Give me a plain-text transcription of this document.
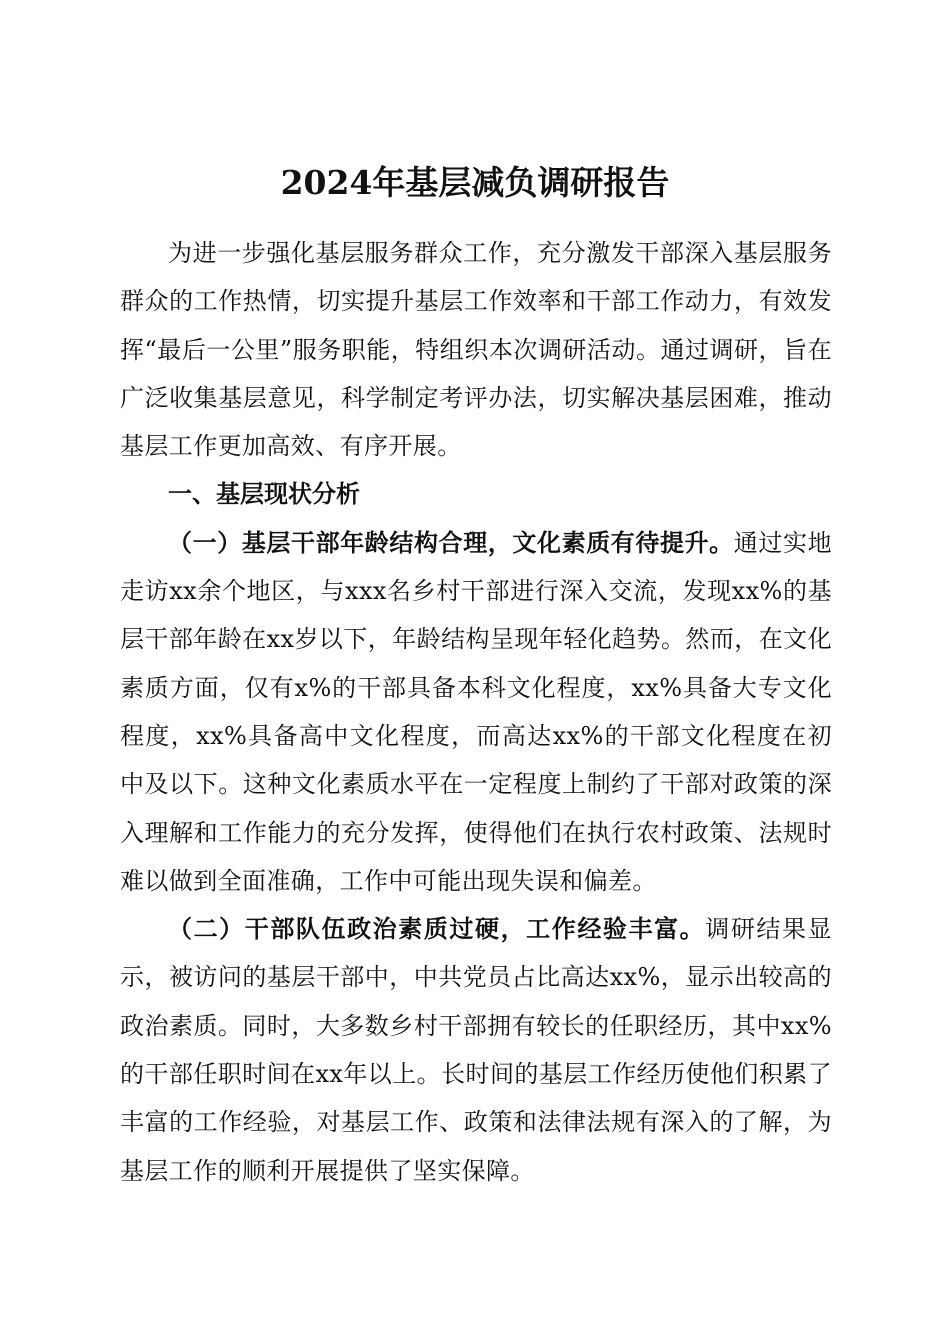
2024年基层减负调研报告

为进一步强化基层服务群众工作，充分激发干部深入基层服务群众的工作热情，切实提升基层工作效率和干部工作动力，有效发挥“最后一公里”服务职能，特组织本次调研活动。通过调研，旨在广泛收集基层意见，科学制定考评办法，切实解决基层困难，推动基层工作更加高效、有序开展。

一、基层现状分析

（一）基层干部年龄结构合理，文化素质有待提升。通过实地走访xx余个地区，与xxx名乡村干部进行深入交流，发现xx%的基层干部年龄在xx岁以下，年龄结构呈现年轻化趋势。然而，在文化素质方面，仅有x%的干部具备本科文化程度，xx%具备大专文化程度，xx%具备高中文化程度，而高达xx%的干部文化程度在初中及以下。这种文化素质水平在一定程度上制约了干部对政策的深入理解和工作能力的充分发挥，使得他们在执行农村政策、法规时难以做到全面准确，工作中可能出现失误和偏差。

（二）干部队伍政治素质过硬，工作经验丰富。调研结果显示，被访问的基层干部中，中共党员占比高达xx%，显示出较高的政治素质。同时，大多数乡村干部拥有较长的任职经历，其中xx%的干部任职时间在xx年以上。长时间的基层工作经历使他们积累了丰富的工作经验，对基层工作、政策和法律法规有深入的了解，为基层工作的顺利开展提供了坚实保障。
